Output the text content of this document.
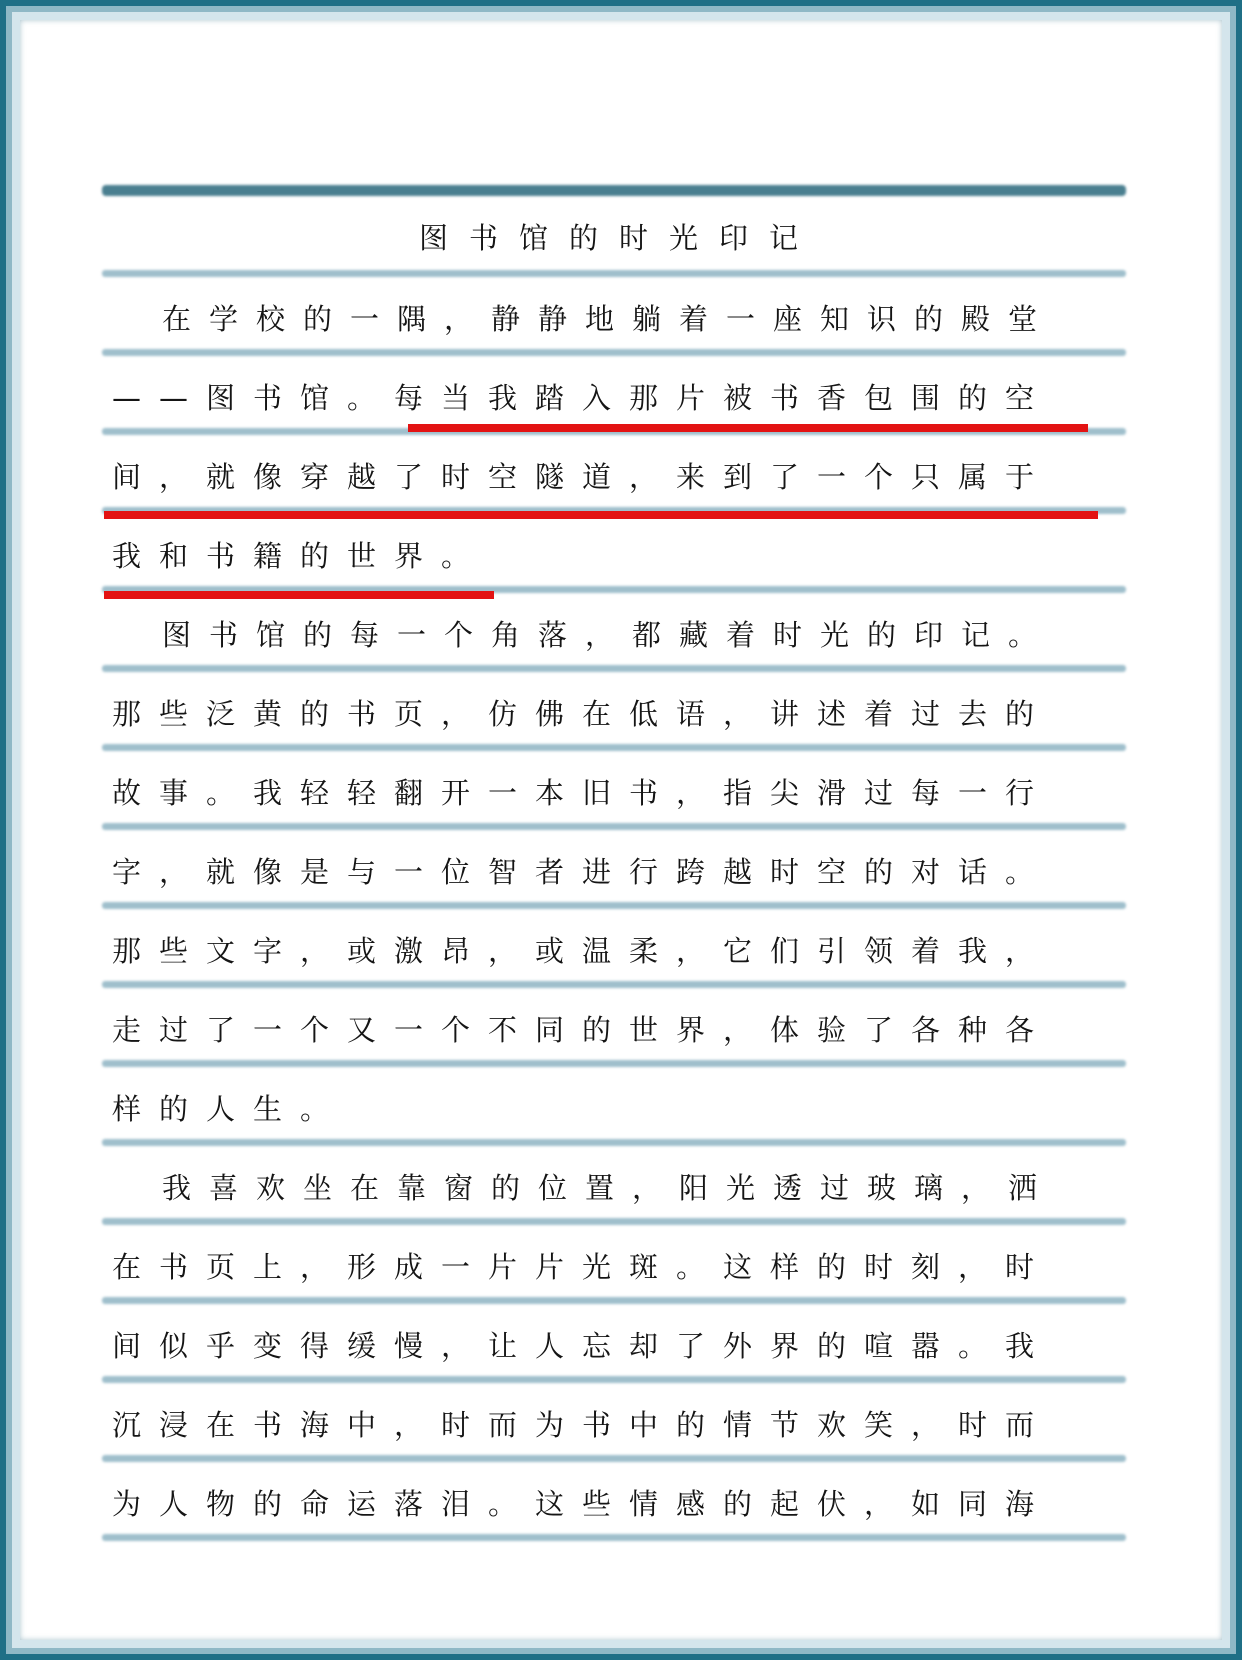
图书馆的时光印记
在学校的一隅，静静地躺着一座知识的殿堂
——图书馆。每当我踏入那片被书香包围的空
间，就像穿越了时空隧道，来到了一个只属于
我和书籍的世界。
图书馆的每一个角落，都藏着时光的印记。
那些泛黄的书页，仿佛在低语，讲述着过去的
故事。我轻轻翻开一本旧书，指尖滑过每一行
字，就像是与一位智者进行跨越时空的对话。
那些文字，或激昂，或温柔，它们引领着我，
走过了一个又一个不同的世界，体验了各种各
样的人生。
我喜欢坐在靠窗的位置，阳光透过玻璃，洒
在书页上，形成一片片光斑。这样的时刻，时
间似乎变得缓慢，让人忘却了外界的喧嚣。我
沉浸在书海中，时而为书中的情节欢笑，时而
为人物的命运落泪。这些情感的起伏，如同海
